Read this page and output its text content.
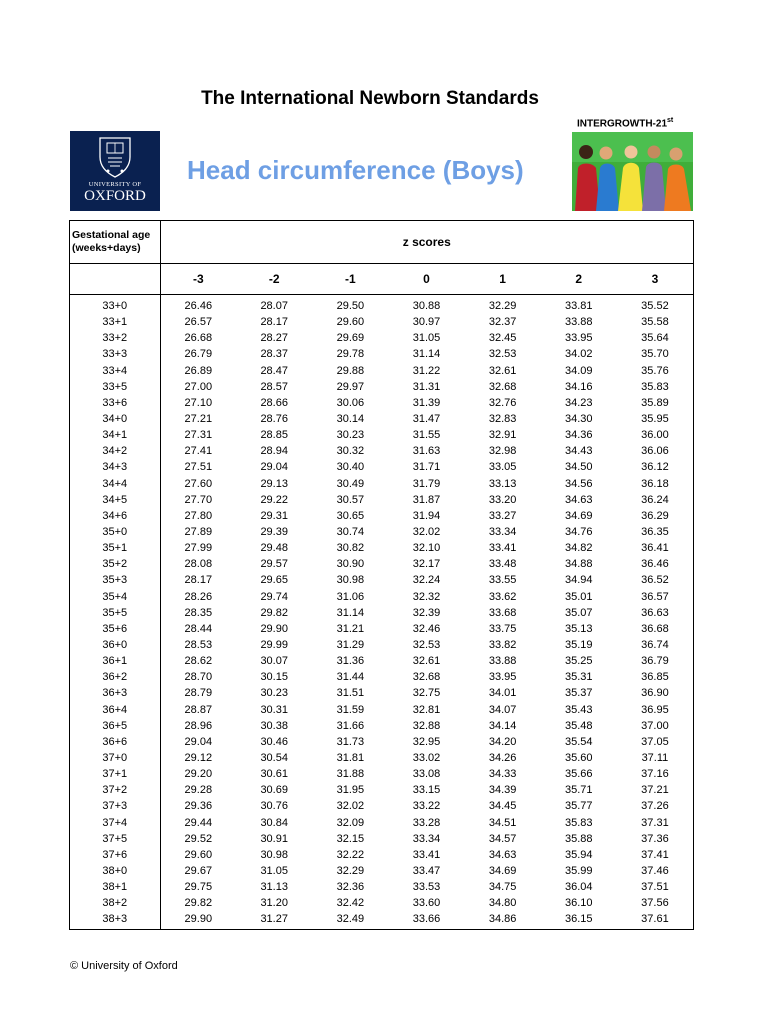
The International Newborn Standards
UNIVERSITY OF
OXFORD
Head circumference (Boys)
INTERGROWTH-21st
Gestational age (weeks+days)	z scores						
	-3	-2	-1	0	1	2	3
33+0	26.46	28.07	29.50	30.88	32.29	33.81	35.52
33+1	26.57	28.17	29.60	30.97	32.37	33.88	35.58
33+2	26.68	28.27	29.69	31.05	32.45	33.95	35.64
33+3	26.79	28.37	29.78	31.14	32.53	34.02	35.70
33+4	26.89	28.47	29.88	31.22	32.61	34.09	35.76
33+5	27.00	28.57	29.97	31.31	32.68	34.16	35.83
33+6	27.10	28.66	30.06	31.39	32.76	34.23	35.89
34+0	27.21	28.76	30.14	31.47	32.83	34.30	35.95
34+1	27.31	28.85	30.23	31.55	32.91	34.36	36.00
34+2	27.41	28.94	30.32	31.63	32.98	34.43	36.06
34+3	27.51	29.04	30.40	31.71	33.05	34.50	36.12
34+4	27.60	29.13	30.49	31.79	33.13	34.56	36.18
34+5	27.70	29.22	30.57	31.87	33.20	34.63	36.24
34+6	27.80	29.31	30.65	31.94	33.27	34.69	36.29
35+0	27.89	29.39	30.74	32.02	33.34	34.76	36.35
35+1	27.99	29.48	30.82	32.10	33.41	34.82	36.41
35+2	28.08	29.57	30.90	32.17	33.48	34.88	36.46
35+3	28.17	29.65	30.98	32.24	33.55	34.94	36.52
35+4	28.26	29.74	31.06	32.32	33.62	35.01	36.57
35+5	28.35	29.82	31.14	32.39	33.68	35.07	36.63
35+6	28.44	29.90	31.21	32.46	33.75	35.13	36.68
36+0	28.53	29.99	31.29	32.53	33.82	35.19	36.74
36+1	28.62	30.07	31.36	32.61	33.88	35.25	36.79
36+2	28.70	30.15	31.44	32.68	33.95	35.31	36.85
36+3	28.79	30.23	31.51	32.75	34.01	35.37	36.90
36+4	28.87	30.31	31.59	32.81	34.07	35.43	36.95
36+5	28.96	30.38	31.66	32.88	34.14	35.48	37.00
36+6	29.04	30.46	31.73	32.95	34.20	35.54	37.05
37+0	29.12	30.54	31.81	33.02	34.26	35.60	37.11
37+1	29.20	30.61	31.88	33.08	34.33	35.66	37.16
37+2	29.28	30.69	31.95	33.15	34.39	35.71	37.21
37+3	29.36	30.76	32.02	33.22	34.45	35.77	37.26
37+4	29.44	30.84	32.09	33.28	34.51	35.83	37.31
37+5	29.52	30.91	32.15	33.34	34.57	35.88	37.36
37+6	29.60	30.98	32.22	33.41	34.63	35.94	37.41
38+0	29.67	31.05	32.29	33.47	34.69	35.99	37.46
38+1	29.75	31.13	32.36	33.53	34.75	36.04	37.51
38+2	29.82	31.20	32.42	33.60	34.80	36.10	37.56
38+3	29.90	31.27	32.49	33.66	34.86	36.15	37.61
© University of Oxford
